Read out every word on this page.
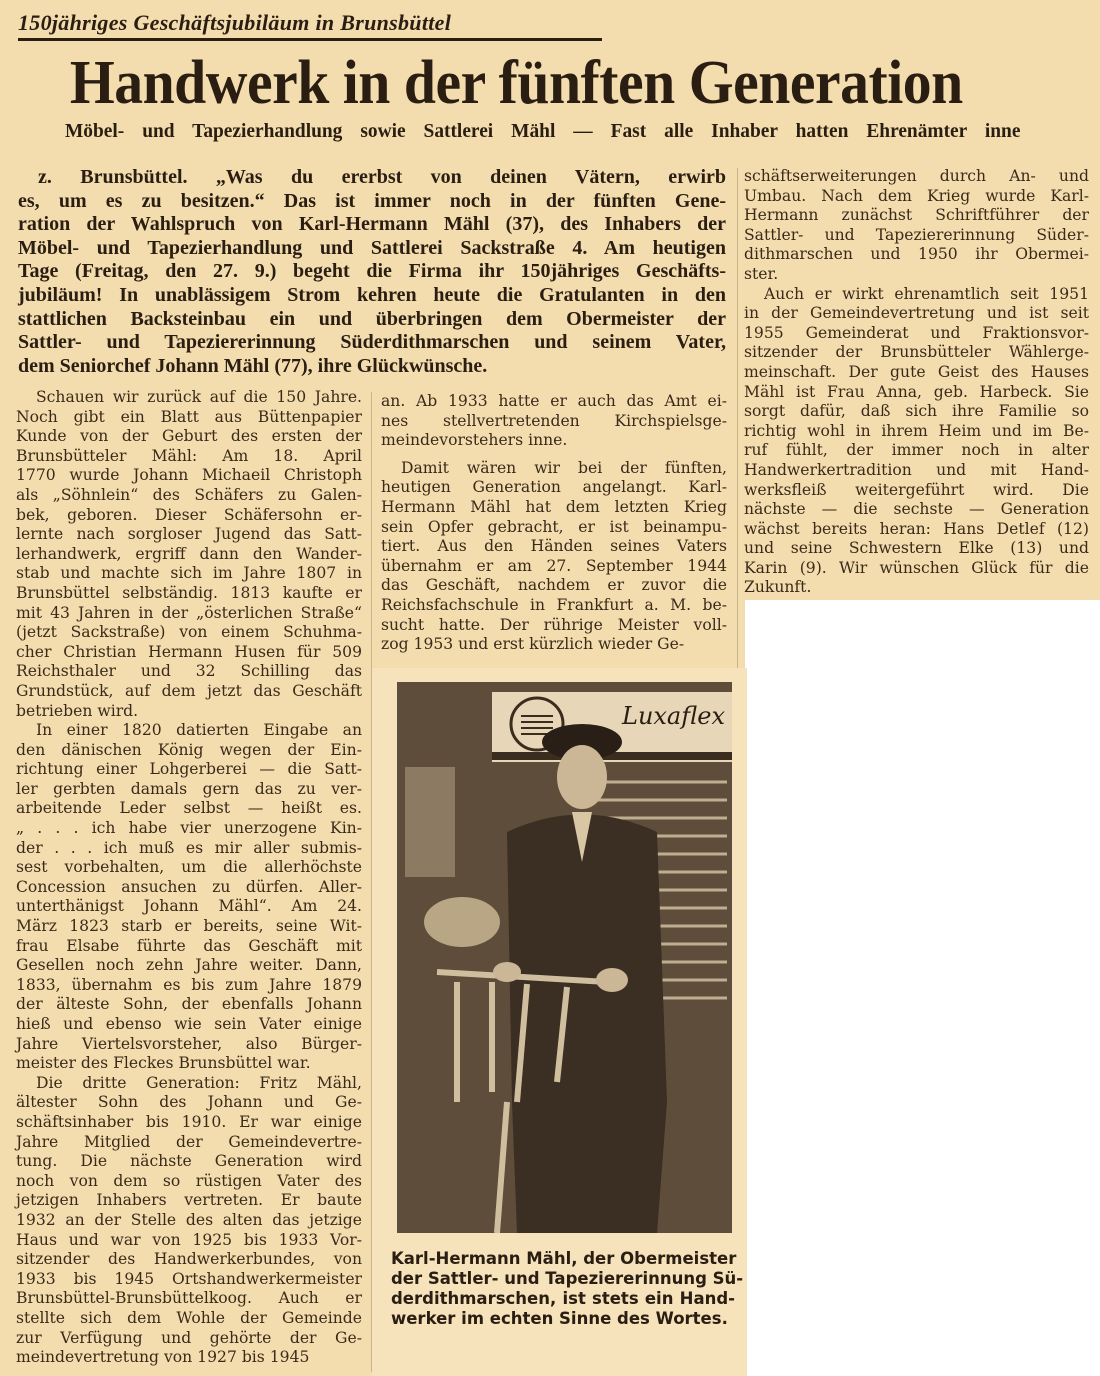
150jähriges Geschäftsjubiläum in Brunsbüttel
Handwerk in der fünften Generation
Möbel- und Tapezierhandlung sowie Sattlerei Mähl — Fast alle Inhaber hatten Ehrenämter inne
z. Brunsbüttel. „Was du ererbst von deinen Vätern, erwirb
es, um es zu besitzen.“ Das ist immer noch in der fünften Gene-
ration der Wahlspruch von Karl-Hermann Mähl (37), des Inhabers der
Möbel- und Tapezierhandlung und Sattlerei Sackstraße 4. Am heutigen
Tage (Freitag, den 27. 9.) begeht die Firma ihr 150jähriges Geschäfts-
jubiläum! In unablässigem Strom kehren heute die Gratulanten in den
stattlichen Backsteinbau ein und überbringen dem Obermeister der
Sattler- und Tapeziererinnung Süderdithmarschen und seinem Vater,
dem Seniorchef Johann Mähl (77), ihre Glückwünsche.
Schauen wir zurück auf die 150 Jahre.
Noch gibt ein Blatt aus Büttenpapier
Kunde von der Geburt des ersten der
Brunsbütteler Mähl: Am 18. April
1770 wurde Johann Michaeil Christoph
als „Söhnlein“ des Schäfers zu Galen-
bek, geboren. Dieser Schäfersohn er-
lernte nach sorgloser Jugend das Satt-
lerhandwerk, ergriff dann den Wander-
stab und machte sich im Jahre 1807 in
Brunsbüttel selbständig. 1813 kaufte er
mit 43 Jahren in der „österlichen Straße“
(jetzt Sackstraße) von einem Schuhma-
cher Christian Hermann Husen für 509
Reichsthaler und 32 Schilling das
Grundstück, auf dem jetzt das Geschäft
betrieben wird.
In einer 1820 datierten Eingabe an
den dänischen König wegen der Ein-
richtung einer Lohgerberei — die Satt-
ler gerbten damals gern das zu ver-
arbeitende Leder selbst — heißt es.
„ . . . ich habe vier unerzogene Kin-
der . . . ich muß es mir aller submis-
sest vorbehalten, um die allerhöchste
Concession ansuchen zu dürfen. Aller-
unterthänigst Johann Mähl“. Am 24.
März 1823 starb er bereits, seine Wit-
frau Elsabe führte das Geschäft mit
Gesellen noch zehn Jahre weiter. Dann,
1833, übernahm es bis zum Jahre 1879
der älteste Sohn, der ebenfalls Johann
hieß und ebenso wie sein Vater einige
Jahre Viertelsvorsteher, also Bürger-
meister des Fleckes Brunsbüttel war.
Die dritte Generation: Fritz Mähl,
ältester Sohn des Johann und Ge-
schäftsinhaber bis 1910. Er war einige
Jahre Mitglied der Gemeindevertre-
tung. Die nächste Generation wird
noch von dem so rüstigen Vater des
jetzigen Inhabers vertreten. Er baute
1932 an der Stelle des alten das jetzige
Haus und war von 1925 bis 1933 Vor-
sitzender des Handwerkerbundes, von
1933 bis 1945 Ortshandwerkermeister
Brunsbüttel-Brunsbüttelkoog. Auch er
stellte sich dem Wohle der Gemeinde
zur Verfügung und gehörte der Ge-
meindevertretung von 1927 bis 1945
an. Ab 1933 hatte er auch das Amt ei-
nes stellvertretenden Kirchspielsge-
meindevorstehers inne.
Damit wären wir bei der fünften,
heutigen Generation angelangt. Karl-
Hermann Mähl hat dem letzten Krieg
sein Opfer gebracht, er ist beinampu-
tiert. Aus den Händen seines Vaters
übernahm er am 27. September 1944
das Geschäft, nachdem er zuvor die
Reichsfachschule in Frankfurt a. M. be-
sucht hatte. Der rührige Meister voll-
zog 1953 und erst kürzlich wieder Ge-
schäftserweiterungen durch An- und
Umbau. Nach dem Krieg wurde Karl-
Hermann zunächst Schriftführer der
Sattler- und Tapeziererinnung Süder-
dithmarschen und 1950 ihr Obermei-
ster.
Auch er wirkt ehrenamtlich seit 1951
in der Gemeindevertretung und ist seit
1955 Gemeinderat und Fraktionsvor-
sitzender der Brunsbütteler Wählerge-
meinschaft. Der gute Geist des Hauses
Mähl ist Frau Anna, geb. Harbeck. Sie
sorgt dafür, daß sich ihre Familie so
richtig wohl in ihrem Heim und im Be-
ruf fühlt, der immer noch in alter
Handwerkertradition und mit Hand-
werksfleiß weitergeführt wird. Die
nächste — die sechste — Generation
wächst bereits heran: Hans Detlef (12)
und seine Schwestern Elke (13) und
Karin (9). Wir wünschen Glück für die
Zukunft.
Luxaflex
Karl-Hermann Mähl, der Obermeister
der Sattler- und Tapeziererinnung Sü-
derdithmarschen, ist stets ein Hand-
werker im echten Sinne des Wortes.
